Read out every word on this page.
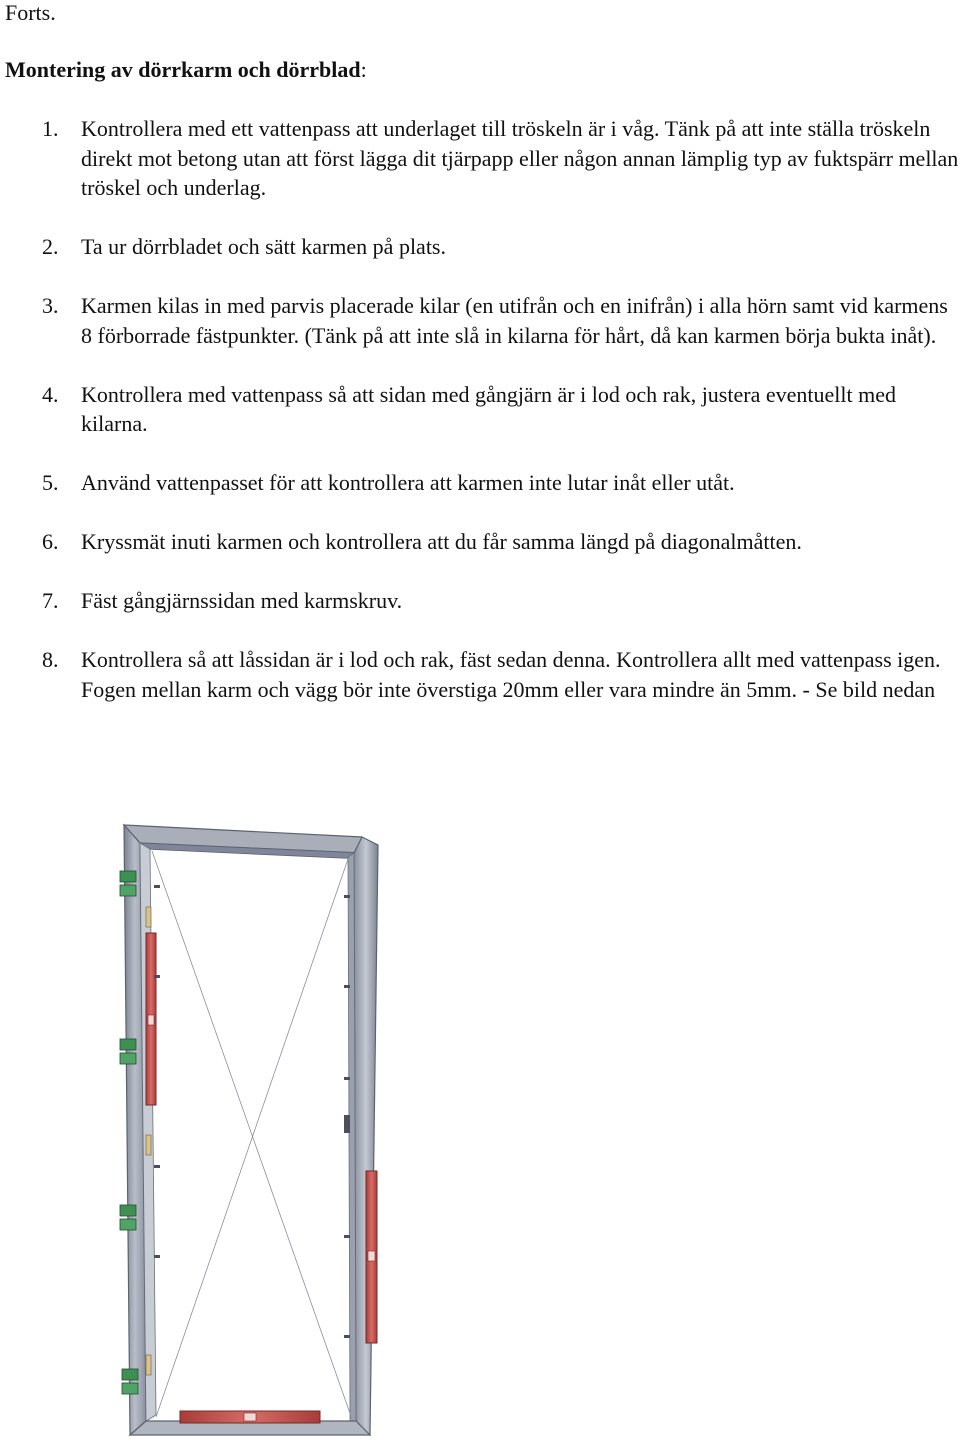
Forts.
Montering av dörrkarm och dörrblad:
1.	Kontrollera med ett vattenpass att underlaget till tröskeln är i våg. Tänk på att inte ställa tröskeln direkt mot betong utan att först lägga dit tjärpapp eller någon annan lämplig typ av fuktspärr mellan tröskel och underlag.
2.	Ta ur dörrbladet och sätt karmen på plats.
3.	Karmen kilas in med parvis placerade kilar (en utifrån och en inifrån) i alla hörn samt vid karmens 8 förborrade fästpunkter. (Tänk på att inte slå in kilarna för hårt, då kan karmen börja bukta inåt).
4.	Kontrollera med vattenpass så att sidan med gångjärn är i lod och rak, justera eventuellt med kilarna.
5.	Använd vattenpasset för att kontrollera att karmen inte lutar inåt eller utåt.
6.	Kryssmät inuti karmen och kontrollera att du får samma längd på diagonalmåtten.
7.	Fäst gångjärnssidan med karmskruv.
8.	Kontrollera så att låssidan är i lod och rak, fäst sedan denna. Kontrollera allt med vattenpass igen. Fogen mellan karm och vägg bör inte överstiga 20mm eller vara mindre än 5mm. - Se bild nedan
